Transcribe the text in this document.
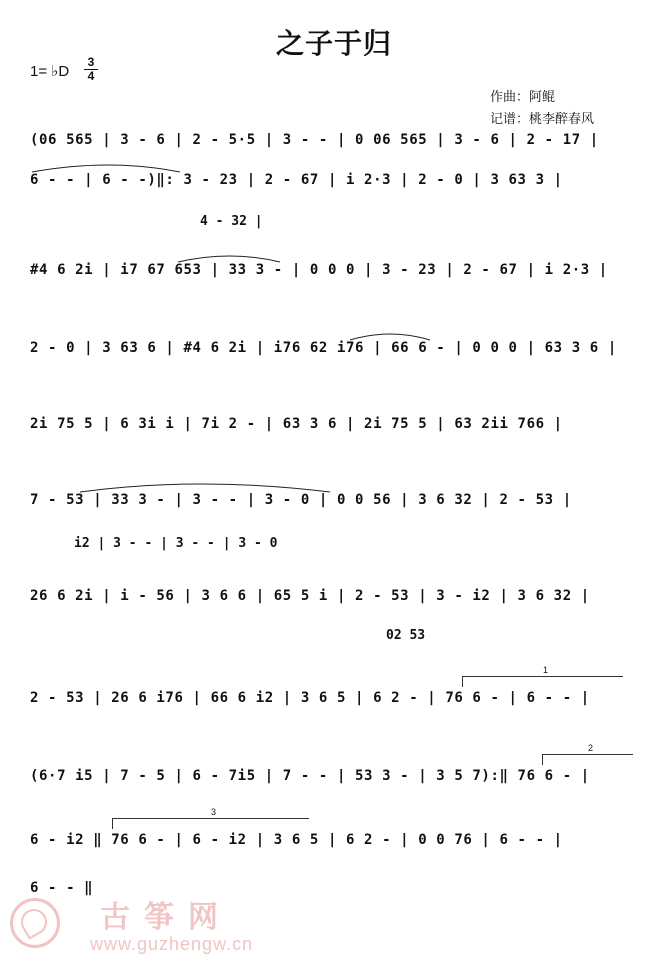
之子于归
1= ♭D $\frac{3}{4}$
作曲：阿鲲
记谱：桃李醉春风
(06 565 | 3 - 6 | 2 - 5·5 | 3 - - | 0 06 565 | 3 - 6 | 2 - 17 |
6 - - | 6 - -)‖: 3 - 23 | 2 - 67 | i 2·3 | 2 - 0 | 3 63 3 |
4 - 32 |
#4 6 2i | i7 67 653 | 33 3 - | 0 0 0 | 3 - 23 | 2 - 67 | i 2·3 |
2 - 0 | 3 63 6 | #4 6 2i | i76 62 i76 | 66 6 - | 0 0 0 | 63 3 6 |
2i 75 5 | 6 3i i | 7i 2 - | 63 3 6 | 2i 75 5 | 63 2ii 766 |
7 - 53 | 33 3 - | 3 - - | 3 - 0 | 0 0 56 | 3 6 32 | 2 - 53 |
i2 | 3 - - | 3 - - | 3 - 0
26 6 2i | i - 56 | 3 6 6 | 65 5 i | 2 - 53 | 3 - i2 | 3 6 32 |
02 53
1
2 - 53 | 26 6 i76 | 66 6 i2 | 3 6 5 | 6 2 - | 76 6 - | 6 - - |
2
(6·7 i5 | 7 - 5 | 6 - 7i5 | 7 - - | 53 3 - | 3 5 7):‖ 76 6 - |
3
6 - i2 ‖ 76 6 - | 6 - i2 | 3 6 5 | 6 2 - | 0 0 76 | 6 - - |
6 - - ‖
古筝网
www.guzhengw.cn
